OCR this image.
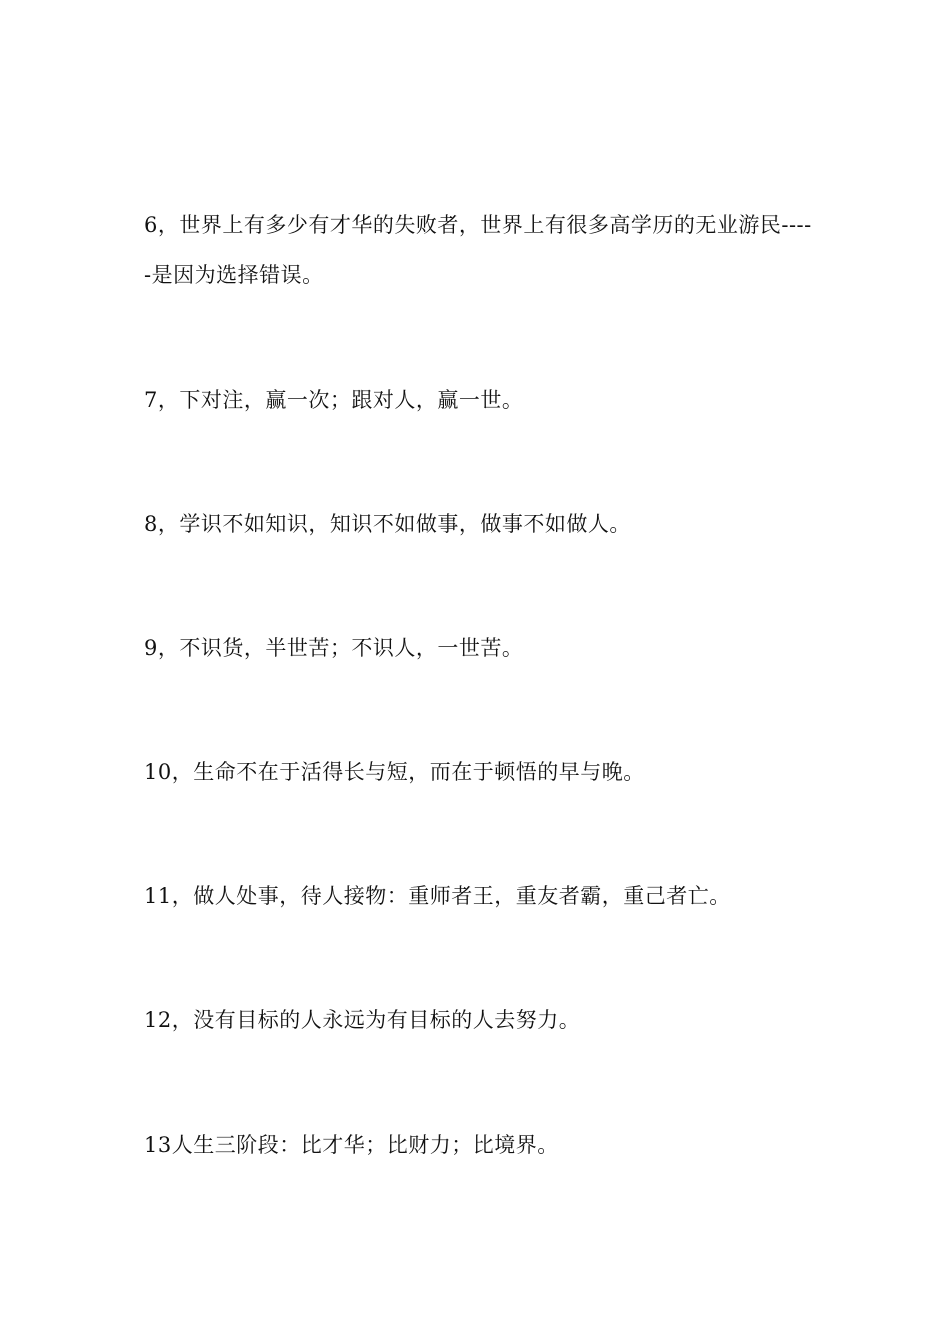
6，世界上有多少有才华的失败者，世界上有很多高学历的无业游民-----是因为选择错误。

7，下对注，赢一次；跟对人，赢一世。

8，学识不如知识，知识不如做事，做事不如做人。

9，不识货，半世苦；不识人，一世苦。

10，生命不在于活得长与短，而在于顿悟的早与晚。

11，做人处事，待人接物：重师者王，重友者霸，重己者亡。

12，没有目标的人永远为有目标的人去努力。

13人生三阶段：比才华；比财力；比境界。
